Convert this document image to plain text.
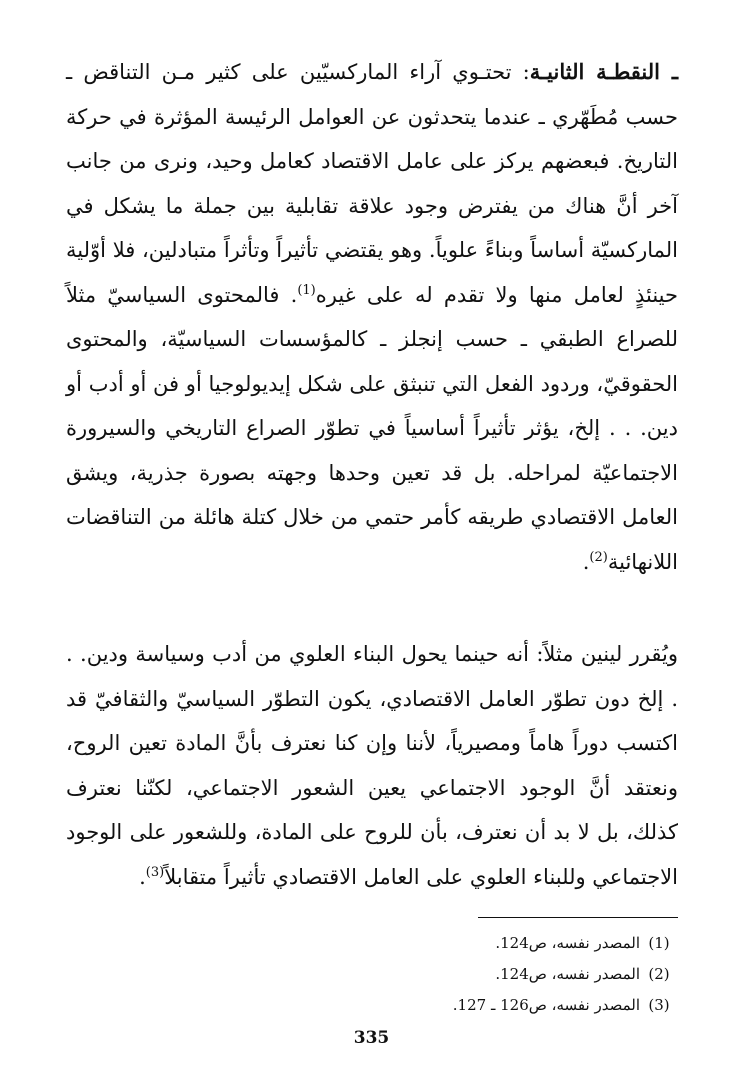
ـ النقطـة الثانيـة: تحتـوي آراء الماركسيّين على كثير مـن التناقض ـ حسب مُطَهّري ـ عندما يتحدثون عن العوامل الرئيسة المؤثرة في حركة التاريخ. فبعضهم يركز على عامل الاقتصاد كعامل وحيد، ونرى من جانب آخر أنَّ هناك من يفترض وجود علاقة تقابلية بين جملة ما يشكل في الماركسيّة أساساً وبناءً علوياً. وهو يقتضي تأثيراً وتأثراً متبادلين، فلا أوّلية حينئذٍ لعامل منها ولا تقدم له على غيره$^{(1)}$. فالمحتوى السياسيّ مثلاً للصراع الطبقي ـ حسب إنجلز ـ كالمؤسسات السياسيّة، والمحتوى الحقوقيّ، وردود الفعل التي تنبثق على شكل إيديولوجيا أو فن أو أدب أو دين. . . إلخ، يؤثر تأثيراً أساسياً في تطوّر الصراع التاريخي والسيرورة الاجتماعيّة لمراحله. بل قد تعين وحدها وجهته بصورة جذرية، ويشق العامل الاقتصادي طريقه كأمر حتمي من خلال كتلة هائلة من التناقضات اللانهائية$^{(2)}$.

ويُقرر لينين مثلاً: أنه حينما يحول البناء العلوي من أدب وسياسة ودين. . . إلخ دون تطوّر العامل الاقتصادي، يكون التطوّر السياسيّ والثقافيّ قد اكتسب دوراً هاماً ومصيرياً، لأننا وإن كنا نعترف بأنَّ المادة تعين الروح، ونعتقد أنَّ الوجود الاجتماعي يعين الشعور الاجتماعي، لكنّنا نعترف كذلك، بل لا بد أن نعترف، بأن للروح على المادة، وللشعور على الوجود الاجتماعي وللبناء العلوي على العامل الاقتصادي تأثيراً متقابلاً$^{(3)}$.

(1)
المصدر نفسه، ص124.
(2)
المصدر نفسه، ص124.
(3)
المصدر نفسه، ص126 ـ 127.
335
